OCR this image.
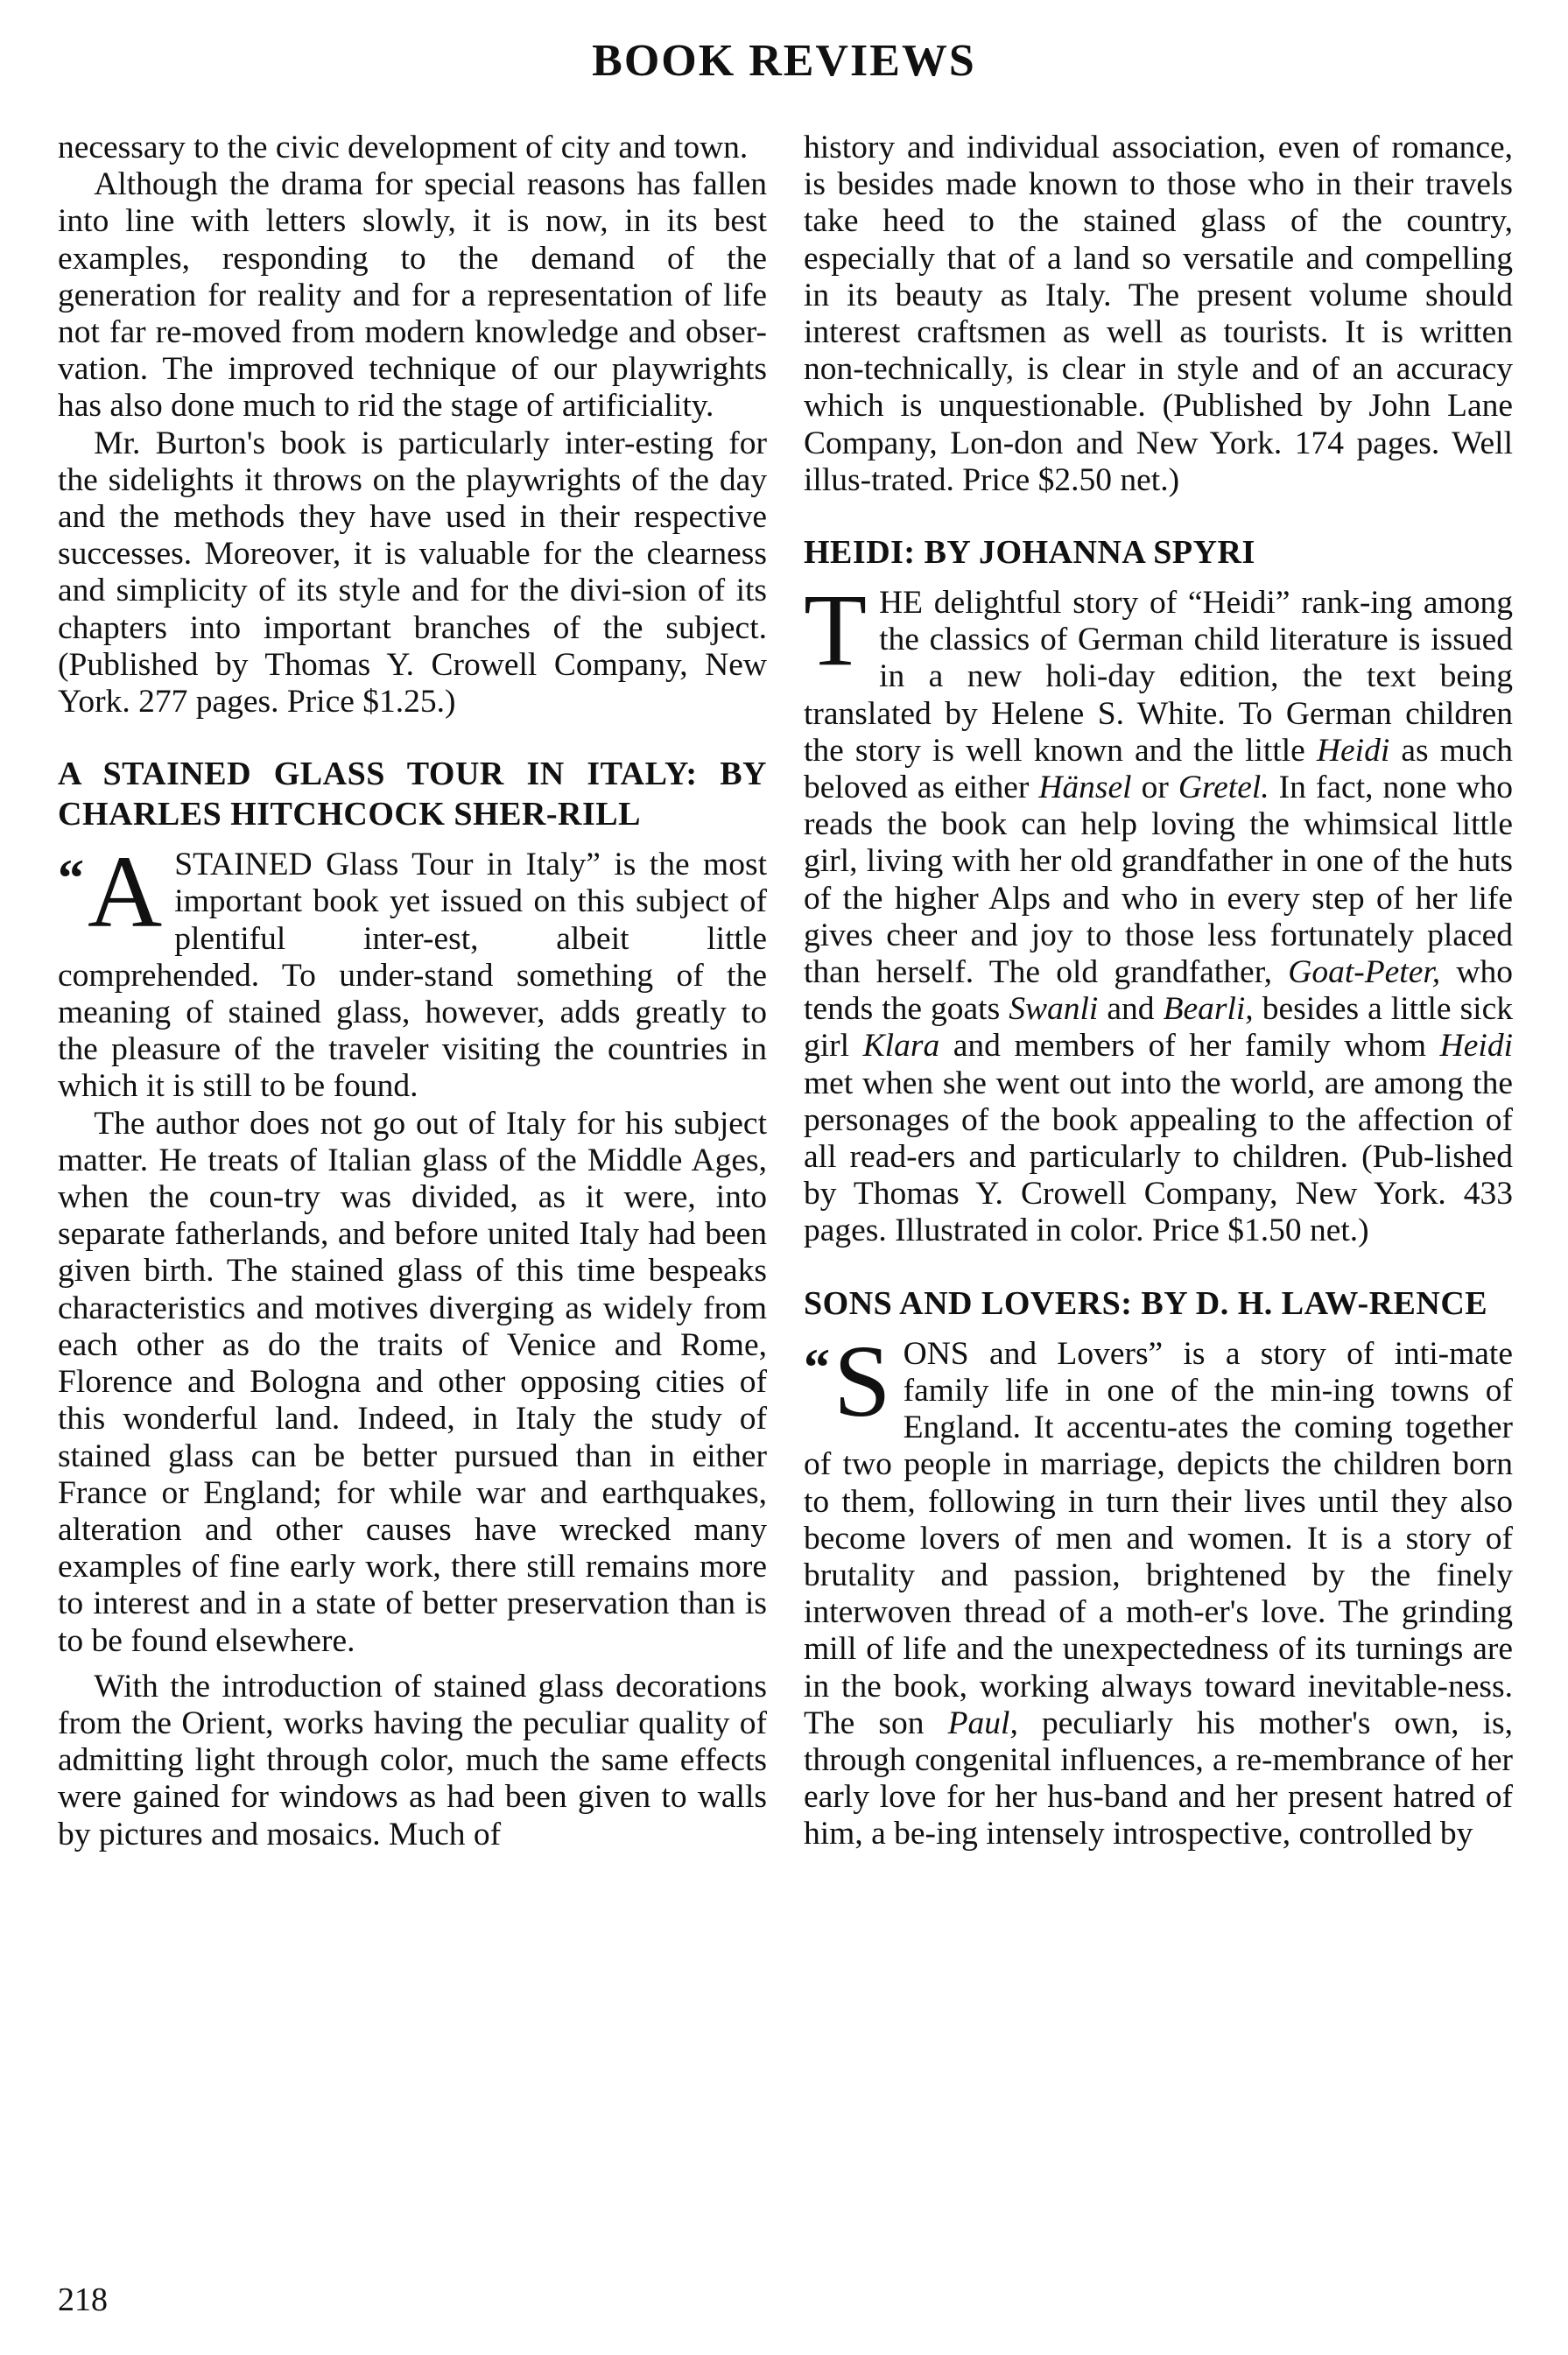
BOOK REVIEWS

necessary to the civic development of city and town.

Although the drama for special reasons has fallen into line with letters slowly, it is now, in its best examples, responding to the demand of the generation for reality and for a representation of life not far re-moved from modern knowledge and obser-vation. The improved technique of our playwrights has also done much to rid the stage of artificiality.

Mr. Burton's book is particularly inter-esting for the sidelights it throws on the playwrights of the day and the methods they have used in their respective successes. Moreover, it is valuable for the clearness and simplicity of its style and for the divi-sion of its chapters into important branches of the subject. (Published by Thomas Y. Crowell Company, New York. 277 pages. Price $1.25.)

A STAINED GLASS TOUR IN ITALY: BY CHARLES HITCHCOCK SHER-RILL

“A STAINED Glass Tour in Italy” is the most important book yet issued on this subject of plentiful inter-est, albeit little comprehended. To under-stand something of the meaning of stained glass, however, adds greatly to the pleasure of the traveler visiting the countries in which it is still to be found.

The author does not go out of Italy for his subject matter. He treats of Italian glass of the Middle Ages, when the coun-try was divided, as it were, into separate fatherlands, and before united Italy had been given birth. The stained glass of this time bespeaks characteristics and motives diverging as widely from each other as do the traits of Venice and Rome, Florence and Bologna and other opposing cities of this wonderful land. Indeed, in Italy the study of stained glass can be better pursued than in either France or England; for while war and earthquakes, alteration and other causes have wrecked many examples of fine early work, there still remains more to interest and in a state of better preservation than is to be found elsewhere.

With the introduction of stained glass decorations from the Orient, works having the peculiar quality of admitting light through color, much the same effects were gained for windows as had been given to walls by pictures and mosaics. Much of

history and individual association, even of romance, is besides made known to those who in their travels take heed to the stained glass of the country, especially that of a land so versatile and compelling in its beauty as Italy. The present volume should interest craftsmen as well as tourists. It is written non-technically, is clear in style and of an accuracy which is unquestionable. (Published by John Lane Company, Lon-don and New York. 174 pages. Well illus-trated. Price $2.50 net.)

HEIDI: BY JOHANNA SPYRI

THE delightful story of “Heidi” rank-ing among the classics of German child literature is issued in a new holi-day edition, the text being translated by Helene S. White. To German children the story is well known and the little Heidi as much beloved as either Hänsel or Gretel. In fact, none who reads the book can help loving the whimsical little girl, living with her old grandfather in one of the huts of the higher Alps and who in every step of her life gives cheer and joy to those less fortunately placed than herself. The old grandfather, Goat-Peter, who tends the goats Swanli and Bearli, besides a little sick girl Klara and members of her family whom Heidi met when she went out into the world, are among the personages of the book appealing to the affection of all read-ers and particularly to children. (Pub-lished by Thomas Y. Crowell Company, New York. 433 pages. Illustrated in color. Price $1.50 net.)

SONS AND LOVERS: BY D. H. LAW-RENCE

“S ONS and Lovers” is a story of inti-mate family life in one of the min-ing towns of England. It accentu-ates the coming together of two people in marriage, depicts the children born to them, following in turn their lives until they also become lovers of men and women. It is a story of brutality and passion, brightened by the finely interwoven thread of a moth-er's love. The grinding mill of life and the unexpectedness of its turnings are in the book, working always toward inevitable-ness. The son Paul, peculiarly his mother's own, is, through congenital influences, a re-membrance of her early love for her hus-band and her present hatred of him, a be-ing intensely introspective, controlled by

218
